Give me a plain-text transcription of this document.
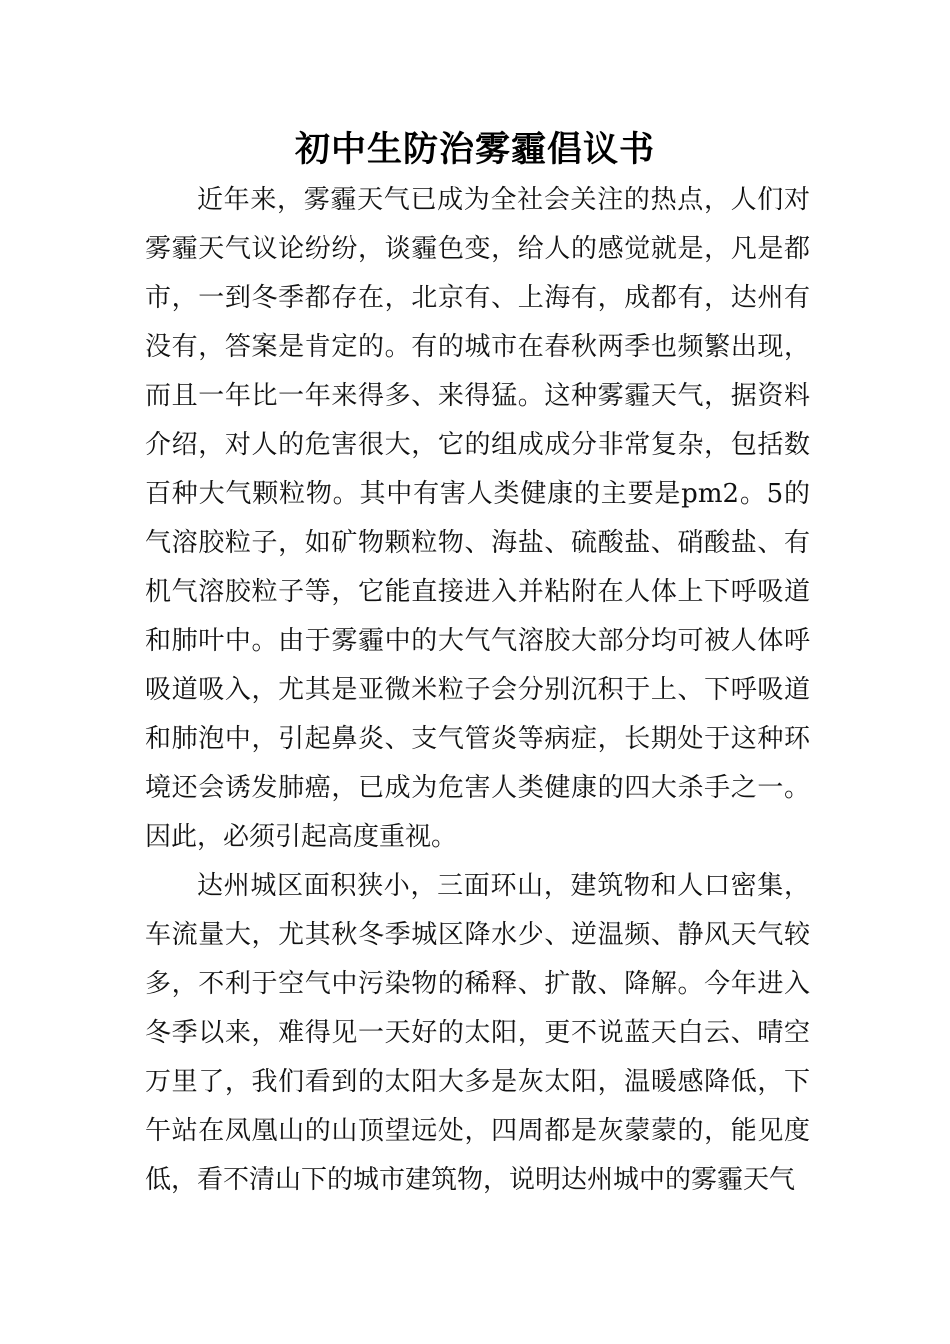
初中生防治雾霾倡议书

近年来，雾霾天气已成为全社会关注的热点，人们对雾霾天气议论纷纷，谈霾色变，给人的感觉就是，凡是都市，一到冬季都存在，北京有、上海有，成都有，达州有没有，答案是肯定的。有的城市在春秋两季也频繁出现，而且一年比一年来得多、来得猛。这种雾霾天气，据资料介绍，对人的危害很大，它的组成成分非常复杂，包括数百种大气颗粒物。其中有害人类健康的主要是pm2。5的气溶胶粒子，如矿物颗粒物、海盐、硫酸盐、硝酸盐、有机气溶胶粒子等，它能直接进入并粘附在人体上下呼吸道和肺叶中。由于雾霾中的大气气溶胶大部分均可被人体呼吸道吸入，尤其是亚微米粒子会分别沉积于上、下呼吸道和肺泡中，引起鼻炎、支气管炎等病症，长期处于这种环境还会诱发肺癌，已成为危害人类健康的四大杀手之一。因此，必须引起高度重视。

达州城区面积狭小，三面环山，建筑物和人口密集，车流量大，尤其秋冬季城区降水少、逆温频、静风天气较多，不利于空气中污染物的稀释、扩散、降解。今年进入冬季以来，难得见一天好的太阳，更不说蓝天白云、晴空万里了，我们看到的太阳大多是灰太阳，温暖感降低，下午站在凤凰山的山顶望远处，四周都是灰蒙蒙的，能见度低，看不清山下的城市建筑物，说明达州城中的雾霾天气
